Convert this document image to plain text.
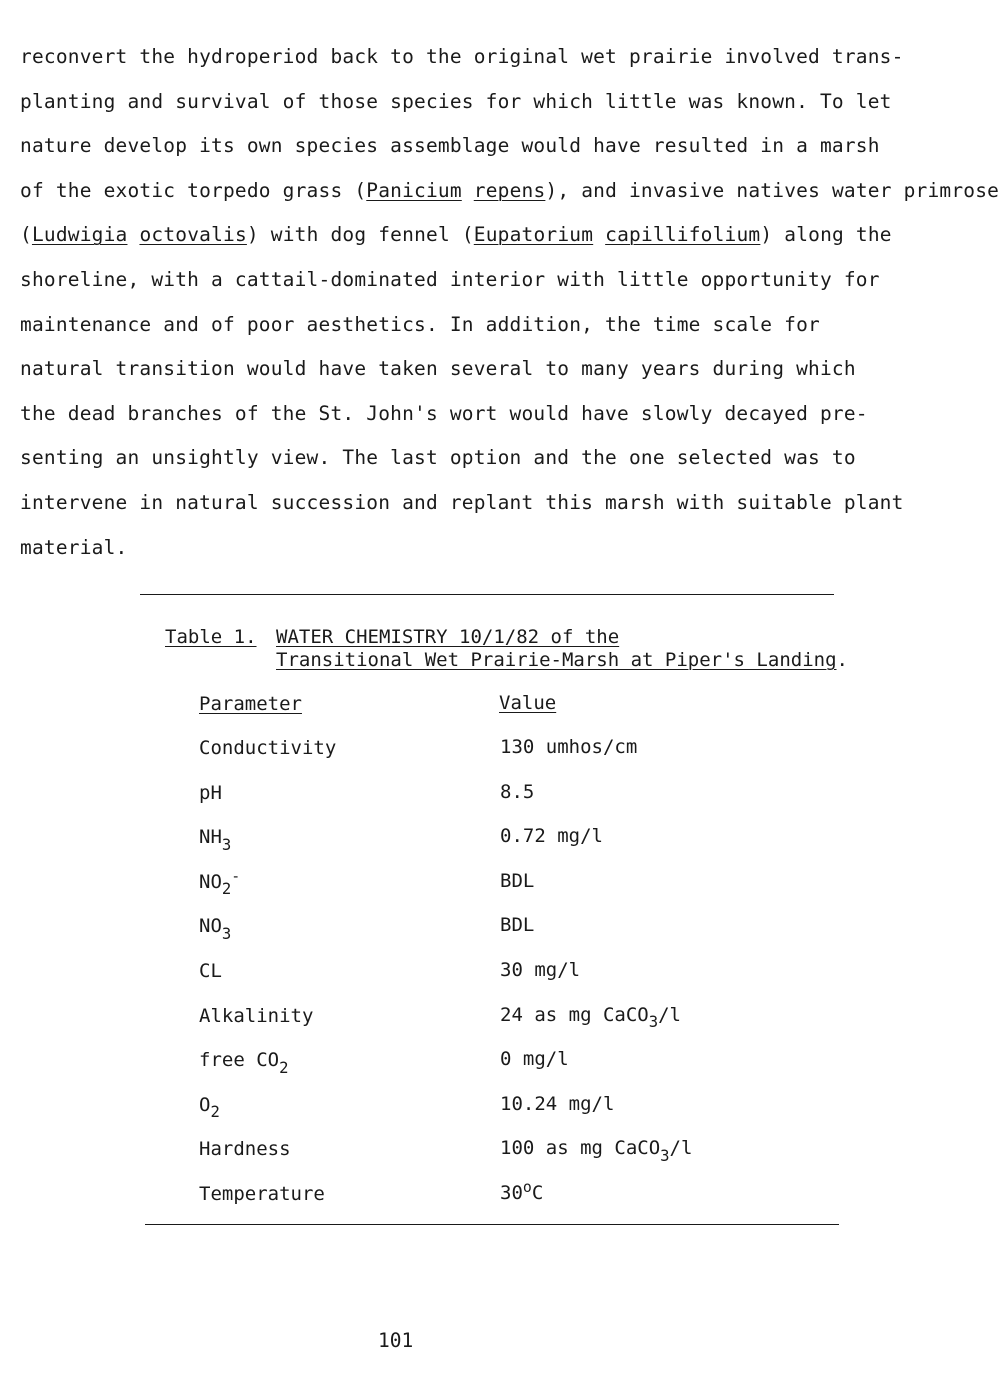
reconvert the hydroperiod back to the original wet prairie involved trans-
planting and survival of those species for which little was known. To let
nature develop its own species assemblage would have resulted in a marsh
of the exotic torpedo grass (Panicium repens), and invasive natives water primrose
(Ludwigia octovalis) with dog fennel (Eupatorium capillifolium) along the
shoreline, with a cattail-dominated interior with little opportunity for
maintenance and of poor aesthetics. In addition, the time scale for
natural transition would have taken several to many years during which
the dead branches of the St. John's wort would have slowly decayed pre-
senting an unsightly view. The last option and the one selected was to
intervene in natural succession and replant this marsh with suitable plant
material.
Table 1. WATER CHEMISTRY 10/1/82 of the
Transitional Wet Prairie-Marsh at Piper's Landing.
Parameter	Value
Conductivity	130 umhos/cm
pH	8.5
$NH_3$	0.72 mg/l
$NO_2^-$	BDL
$NO_3$	BDL
CL	30 mg/l
Alkalinity	24 as mg CaCO$_3$/l
free $CO_2$	0 mg/l
$O_2$	10.24 mg/l
Hardness	100 as mg CaCO$_3$/l
Temperature	30$^o$C
101
